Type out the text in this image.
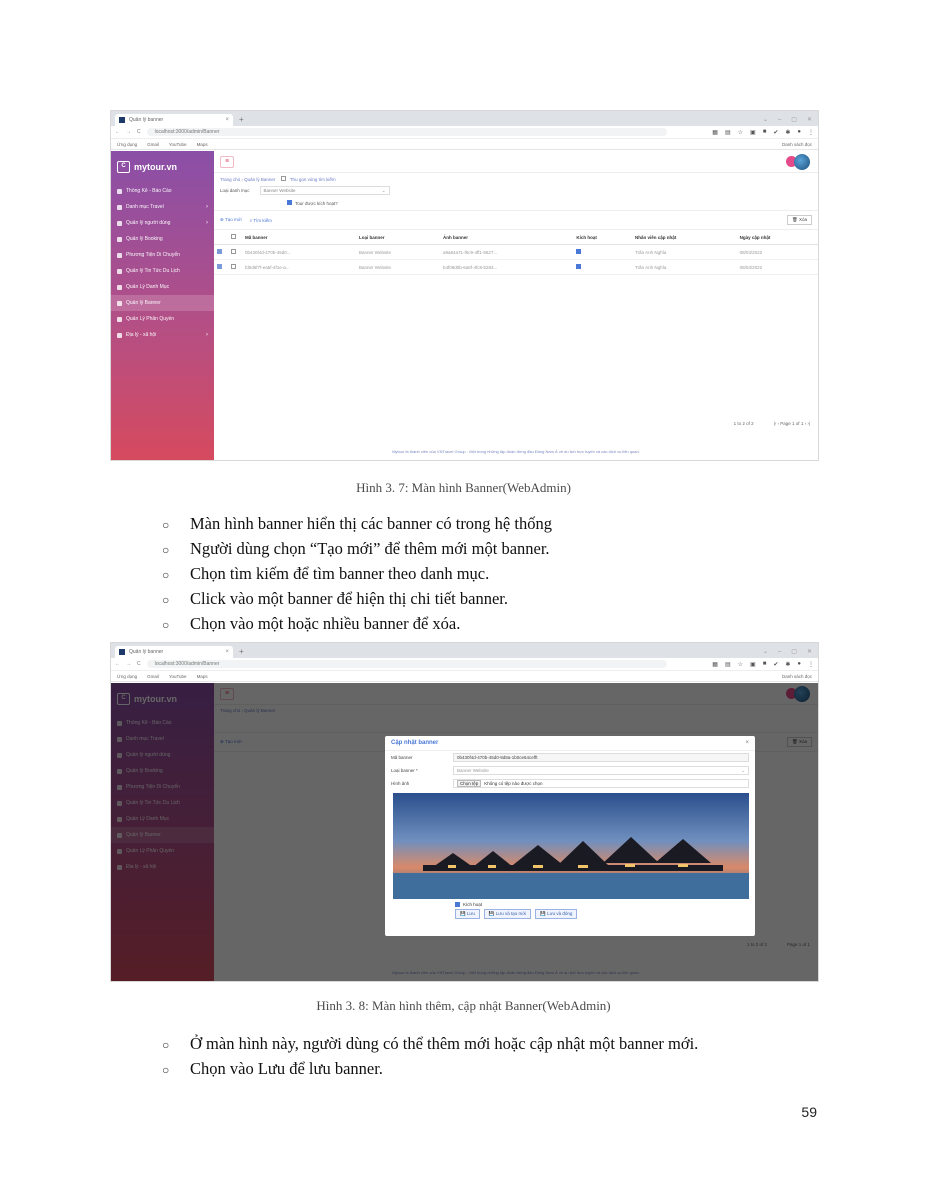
Quản lý banner	× +	⌄ – ▢ ✕
← → C	localhost:3000/admin/Banner	▦ ▤ ☆ ▣ ■ ✔ ✱ ● ⋮
Ứng dụng Gmail YouTube Maps	Danh sách đọc
C mytour.vn
Thống Kê - Báo Cáo
Danh mục Travel	›
Quản lý người dùng	›
Quản lý Booking
Phương Tiện Di Chuyển
Quản lý Tin Tức Du Lịch
Quản Lý Danh Mục
Quản lý Banner
Quản Lý Phân Quyền
Địa lý - xã hội	›
≡
Trang chủ › Quản lý Banner	Thu gọn vùng tìm kiếm
Loại danh mục	Banner Website	⌄
Tour được kích hoạt?
⊕ Tạo mới ⌕ Tìm kiếm	🗑 Xóa
		Mã banner	Loại banner	Ảnh banner	Kích hoạt	Nhân viên cập nhật	Ngày cập nhật
		0b430f4d-470b-45d0...	Banner Website	a9a84a71-f6c9-4ff1-9527...		Trần Anh Nghĩa	08/03/2022
		fd0d6f7f-ea5f-4f1e-a...	Banner Website	b4f09d0b-6a6f-4fc8-b283...		Trần Anh Nghĩa	08/03/2022
1 to 2 of 2	|‹ ‹ Page 1 of 1 › ›|
Mytour là thành viên của VNTravel Group - Một trong những tập đoàn đứng đầu Đông Nam Á về du lịch trực tuyến và các dịch vụ liên quan.
Hình 3. 7: Màn hình Banner(WebAdmin)
○	Màn hình banner hiển thị các banner có trong hệ thống
○	Người dùng chọn “Tạo mới” để thêm mới một banner.
○	Chọn tìm kiếm để tìm banner theo danh mục.
○	Click vào một banner để hiện thị chi tiết banner.
○	Chọn vào một hoặc nhiều banner để xóa.
Quản lý banner	× +	⌄ – ▢ ✕
← → C	localhost:3000/admin/Banner	▦ ▤ ☆ ▣ ■ ✔ ✱ ● ⋮
Ứng dụng Gmail YouTube Maps	Danh sách đọc
Cập nhật banner	×
Mã banner	0b430f4d-470b-45d0-9d8a-1b0ce64cefft
Loại banner *	Banner Website	⌄
Hình ảnh	Chọn tệp	Không có tệp nào được chọn
Kích hoạt
💾 Lưu	💾 Lưu và tạo mới	💾 Lưu và đóng
Hình 3. 8: Màn hình thêm, cập nhật Banner(WebAdmin)
○	Ở màn hình này, người dùng có thể thêm mới hoặc cập nhật một banner mới.
○	Chọn vào Lưu để lưu banner.
59
